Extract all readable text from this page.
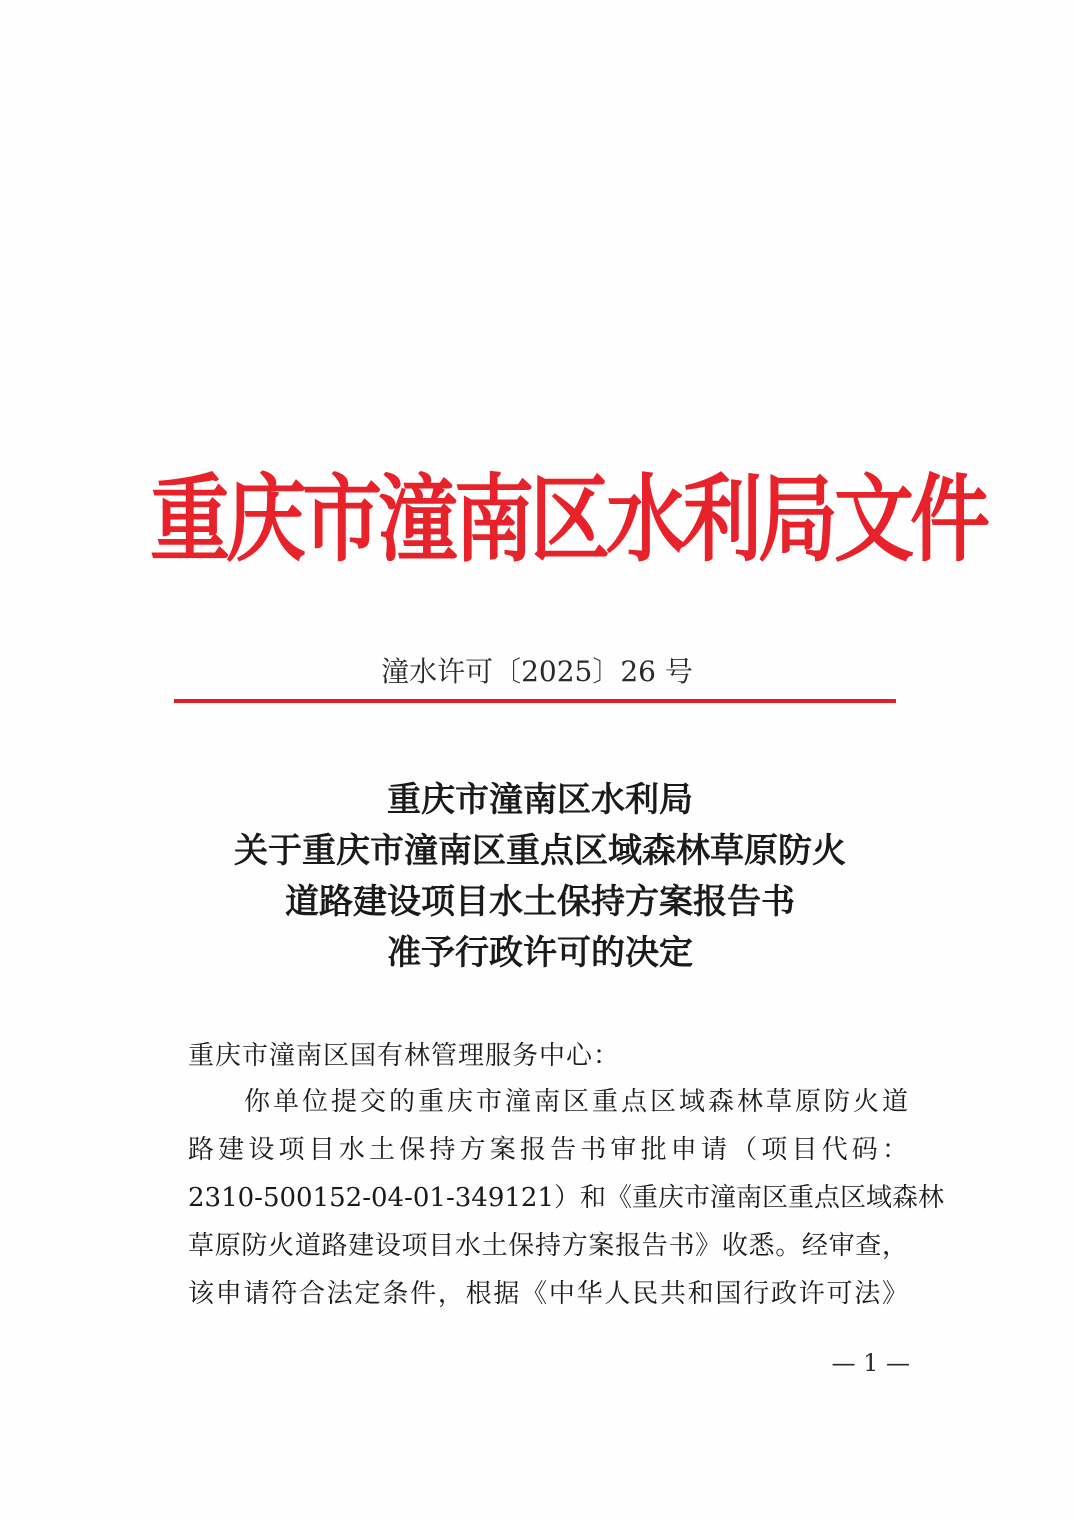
重庆市潼南区水利局文件
潼水许可〔2025〕26 号
重庆市潼南区水利局
关于重庆市潼南区重点区域森林草原防火
道路建设项目水土保持方案报告书
准予行政许可的决定
重庆市潼南区国有林管理服务中心：
你单位提交的重庆市潼南区重点区域森林草原防火道
路建设项目水土保持方案报告书审批申请（项目代码：
2310-500152-04-01-349121）和《重庆市潼南区重点区域森林
草原防火道路建设项目水土保持方案报告书》收悉。经审查，
该申请符合法定条件，根据《中华人民共和国行政许可法》
— 1 —
